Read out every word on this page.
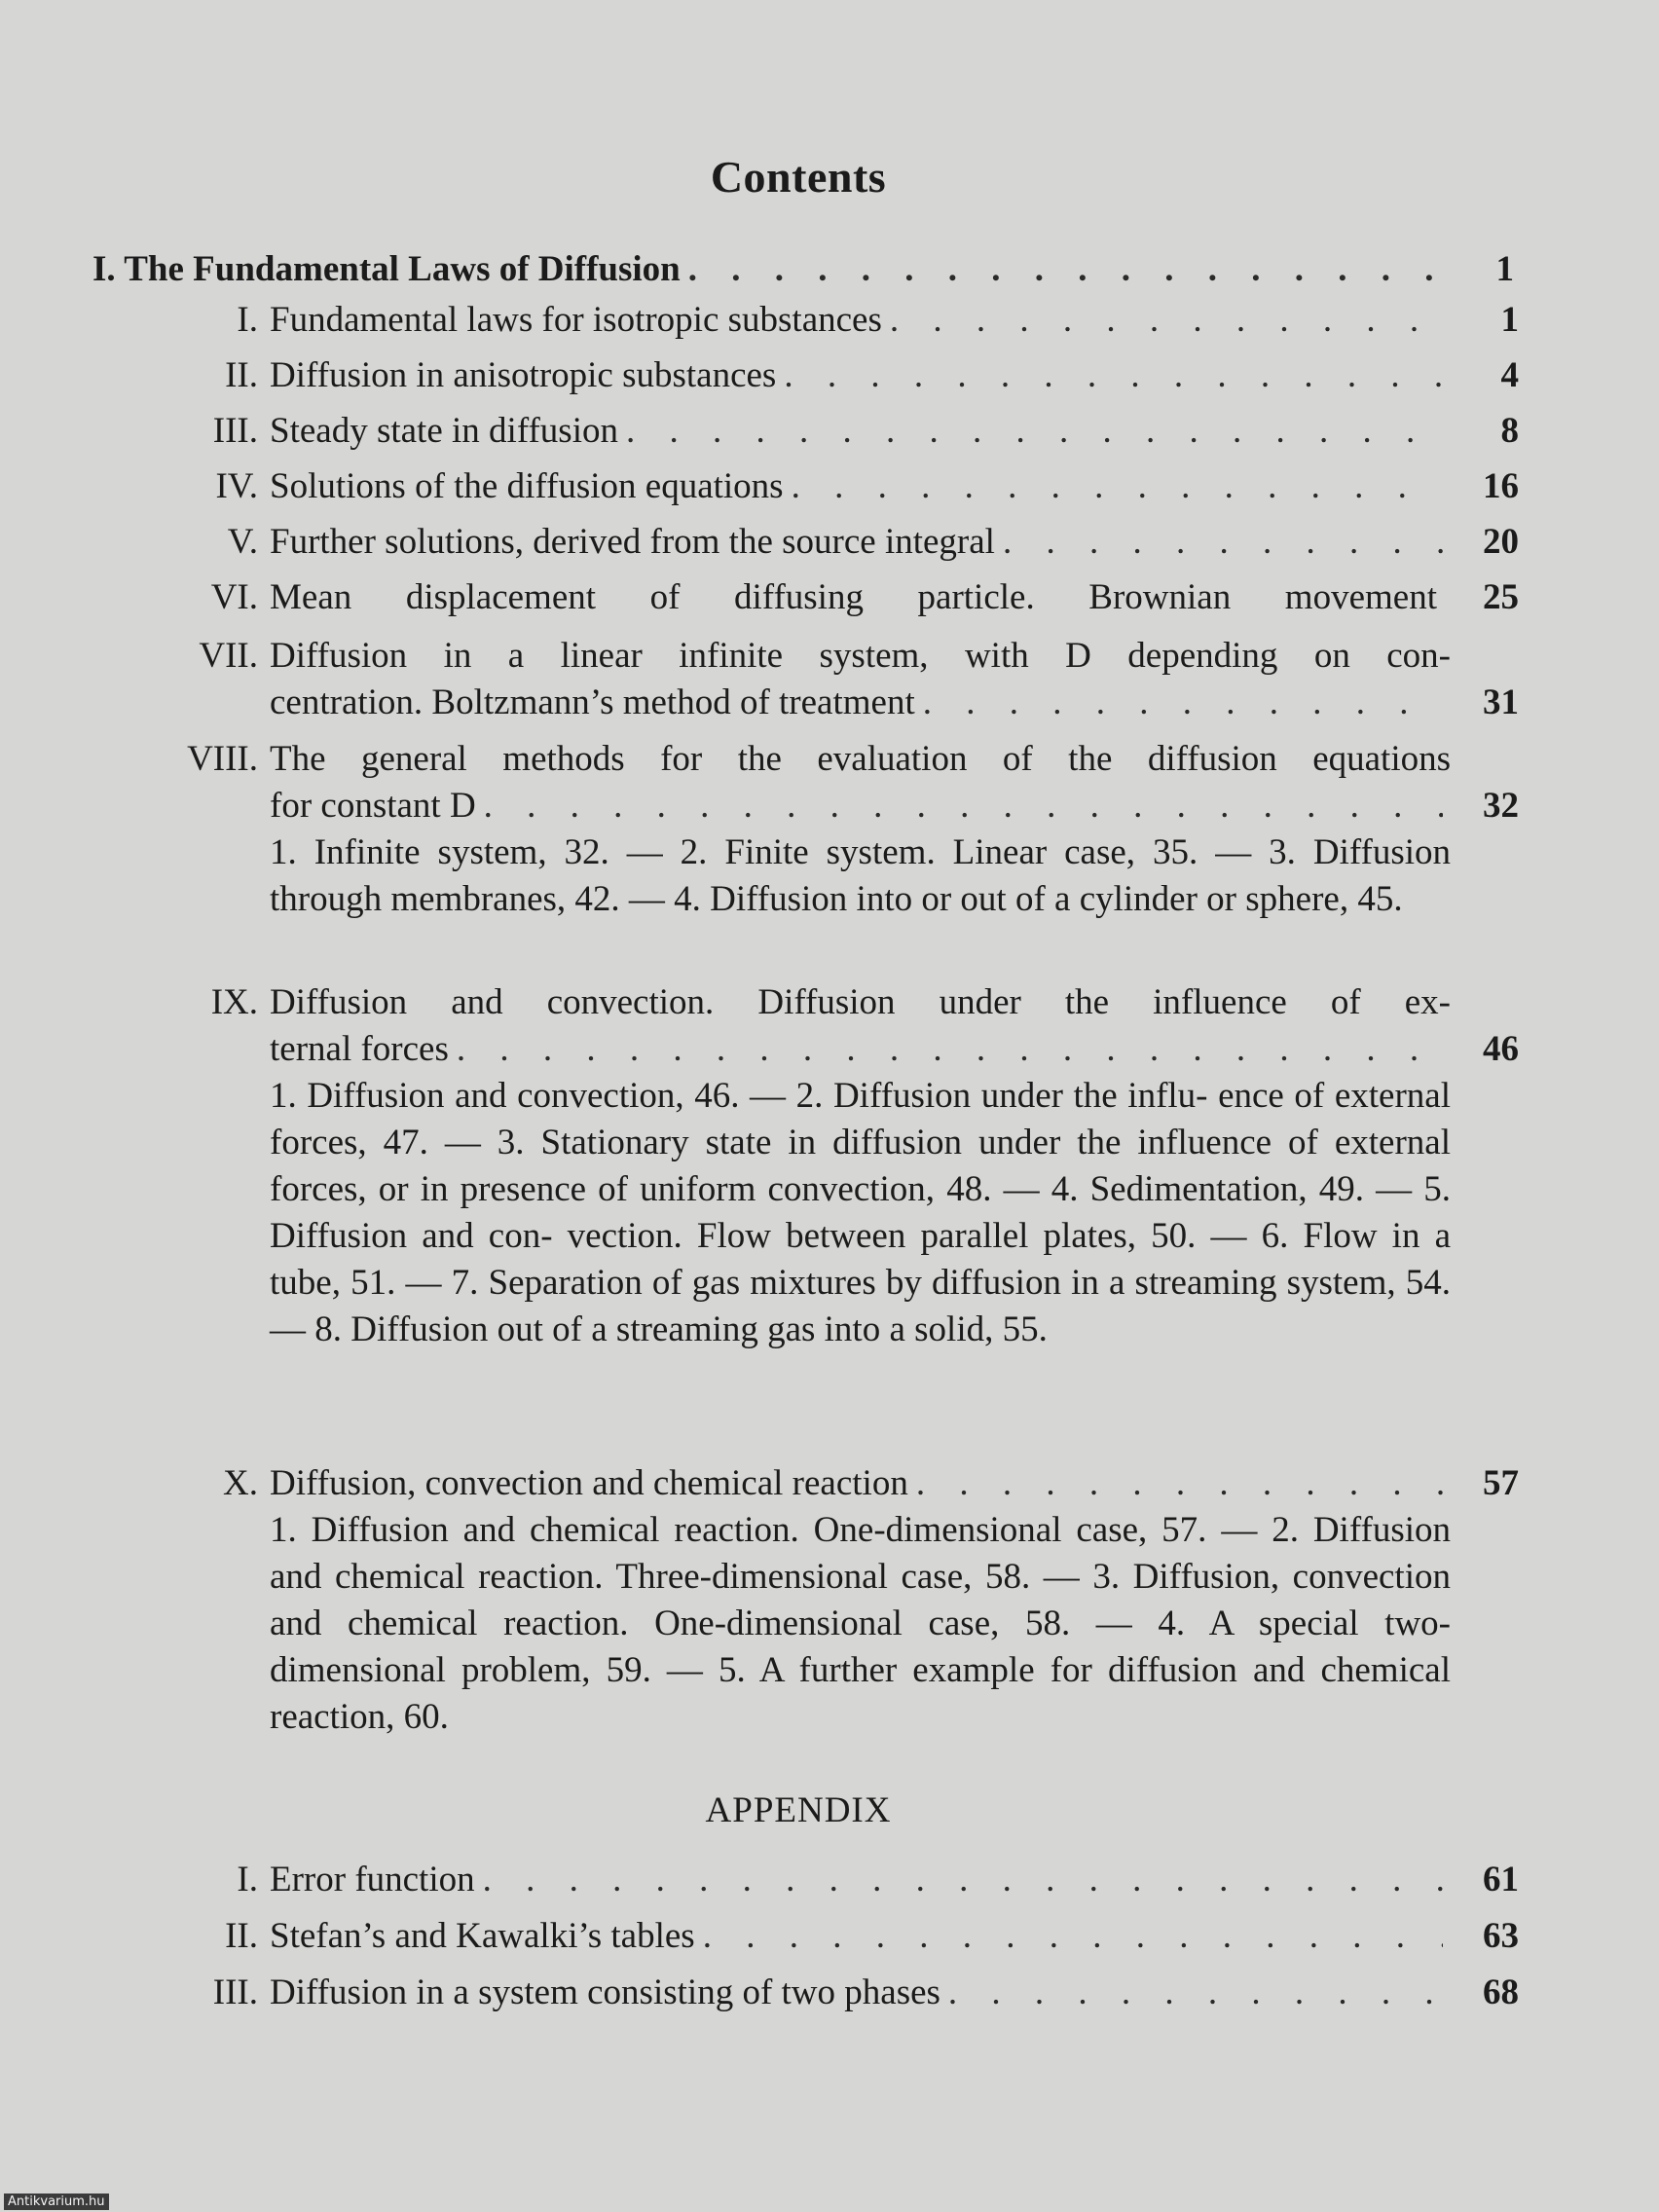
Contents
I. The Fundamental Laws of Diffusion . . .	1
I. Fundamental laws for isotropic substances . . .	1
II. Diffusion in anisotropic substances . . .	4
III. Steady state in diffusion . . .	8
IV. Solutions of the diffusion equations . . .	16
V. Further solutions, derived from the source integral . . .	20
VI. Mean displacement of diffusing particle. Brownian movement	25
VII. Diffusion in a linear infinite system, with D depending on con-
centration. Boltzmann’s method of treatment . . .	31
VIII. The general methods for the evaluation of the diffusion equations
for constant D . . .	32
1. Infinite system, 32. — 2. Finite system. Linear case, 35. — 3. Diffusion through membranes, 42. — 4. Diffusion into or out of a cylinder or sphere, 45.
IX. Diffusion and convection. Diffusion under the influence of ex-
ternal forces . . .	46
1. Diffusion and convection, 46. — 2. Diffusion under the influ- ence of external forces, 47. — 3. Stationary state in diffusion under the influence of external forces, or in presence of uniform convection, 48. — 4. Sedimentation, 49. — 5. Diffusion and con- vection. Flow between parallel plates, 50. — 6. Flow in a tube, 51. — 7. Separation of gas mixtures by diffusion in a streaming system, 54. — 8. Diffusion out of a streaming gas into a solid, 55.
X. Diffusion, convection and chemical reaction . . .	57
1. Diffusion and chemical reaction. One-dimensional case, 57. — 2. Diffusion and chemical reaction. Three-dimensional case, 58. — 3. Diffusion, convection and chemical reaction. One-dimensional case, 58. — 4. A special two-dimensional problem, 59. — 5. A further example for diffusion and chemical reaction, 60.
APPENDIX
I. Error function . . .	61
II. Stefan’s and Kawalki’s tables . . .	63
III. Diffusion in a system consisting of two phases . . .	68
Antikvarium.hu
